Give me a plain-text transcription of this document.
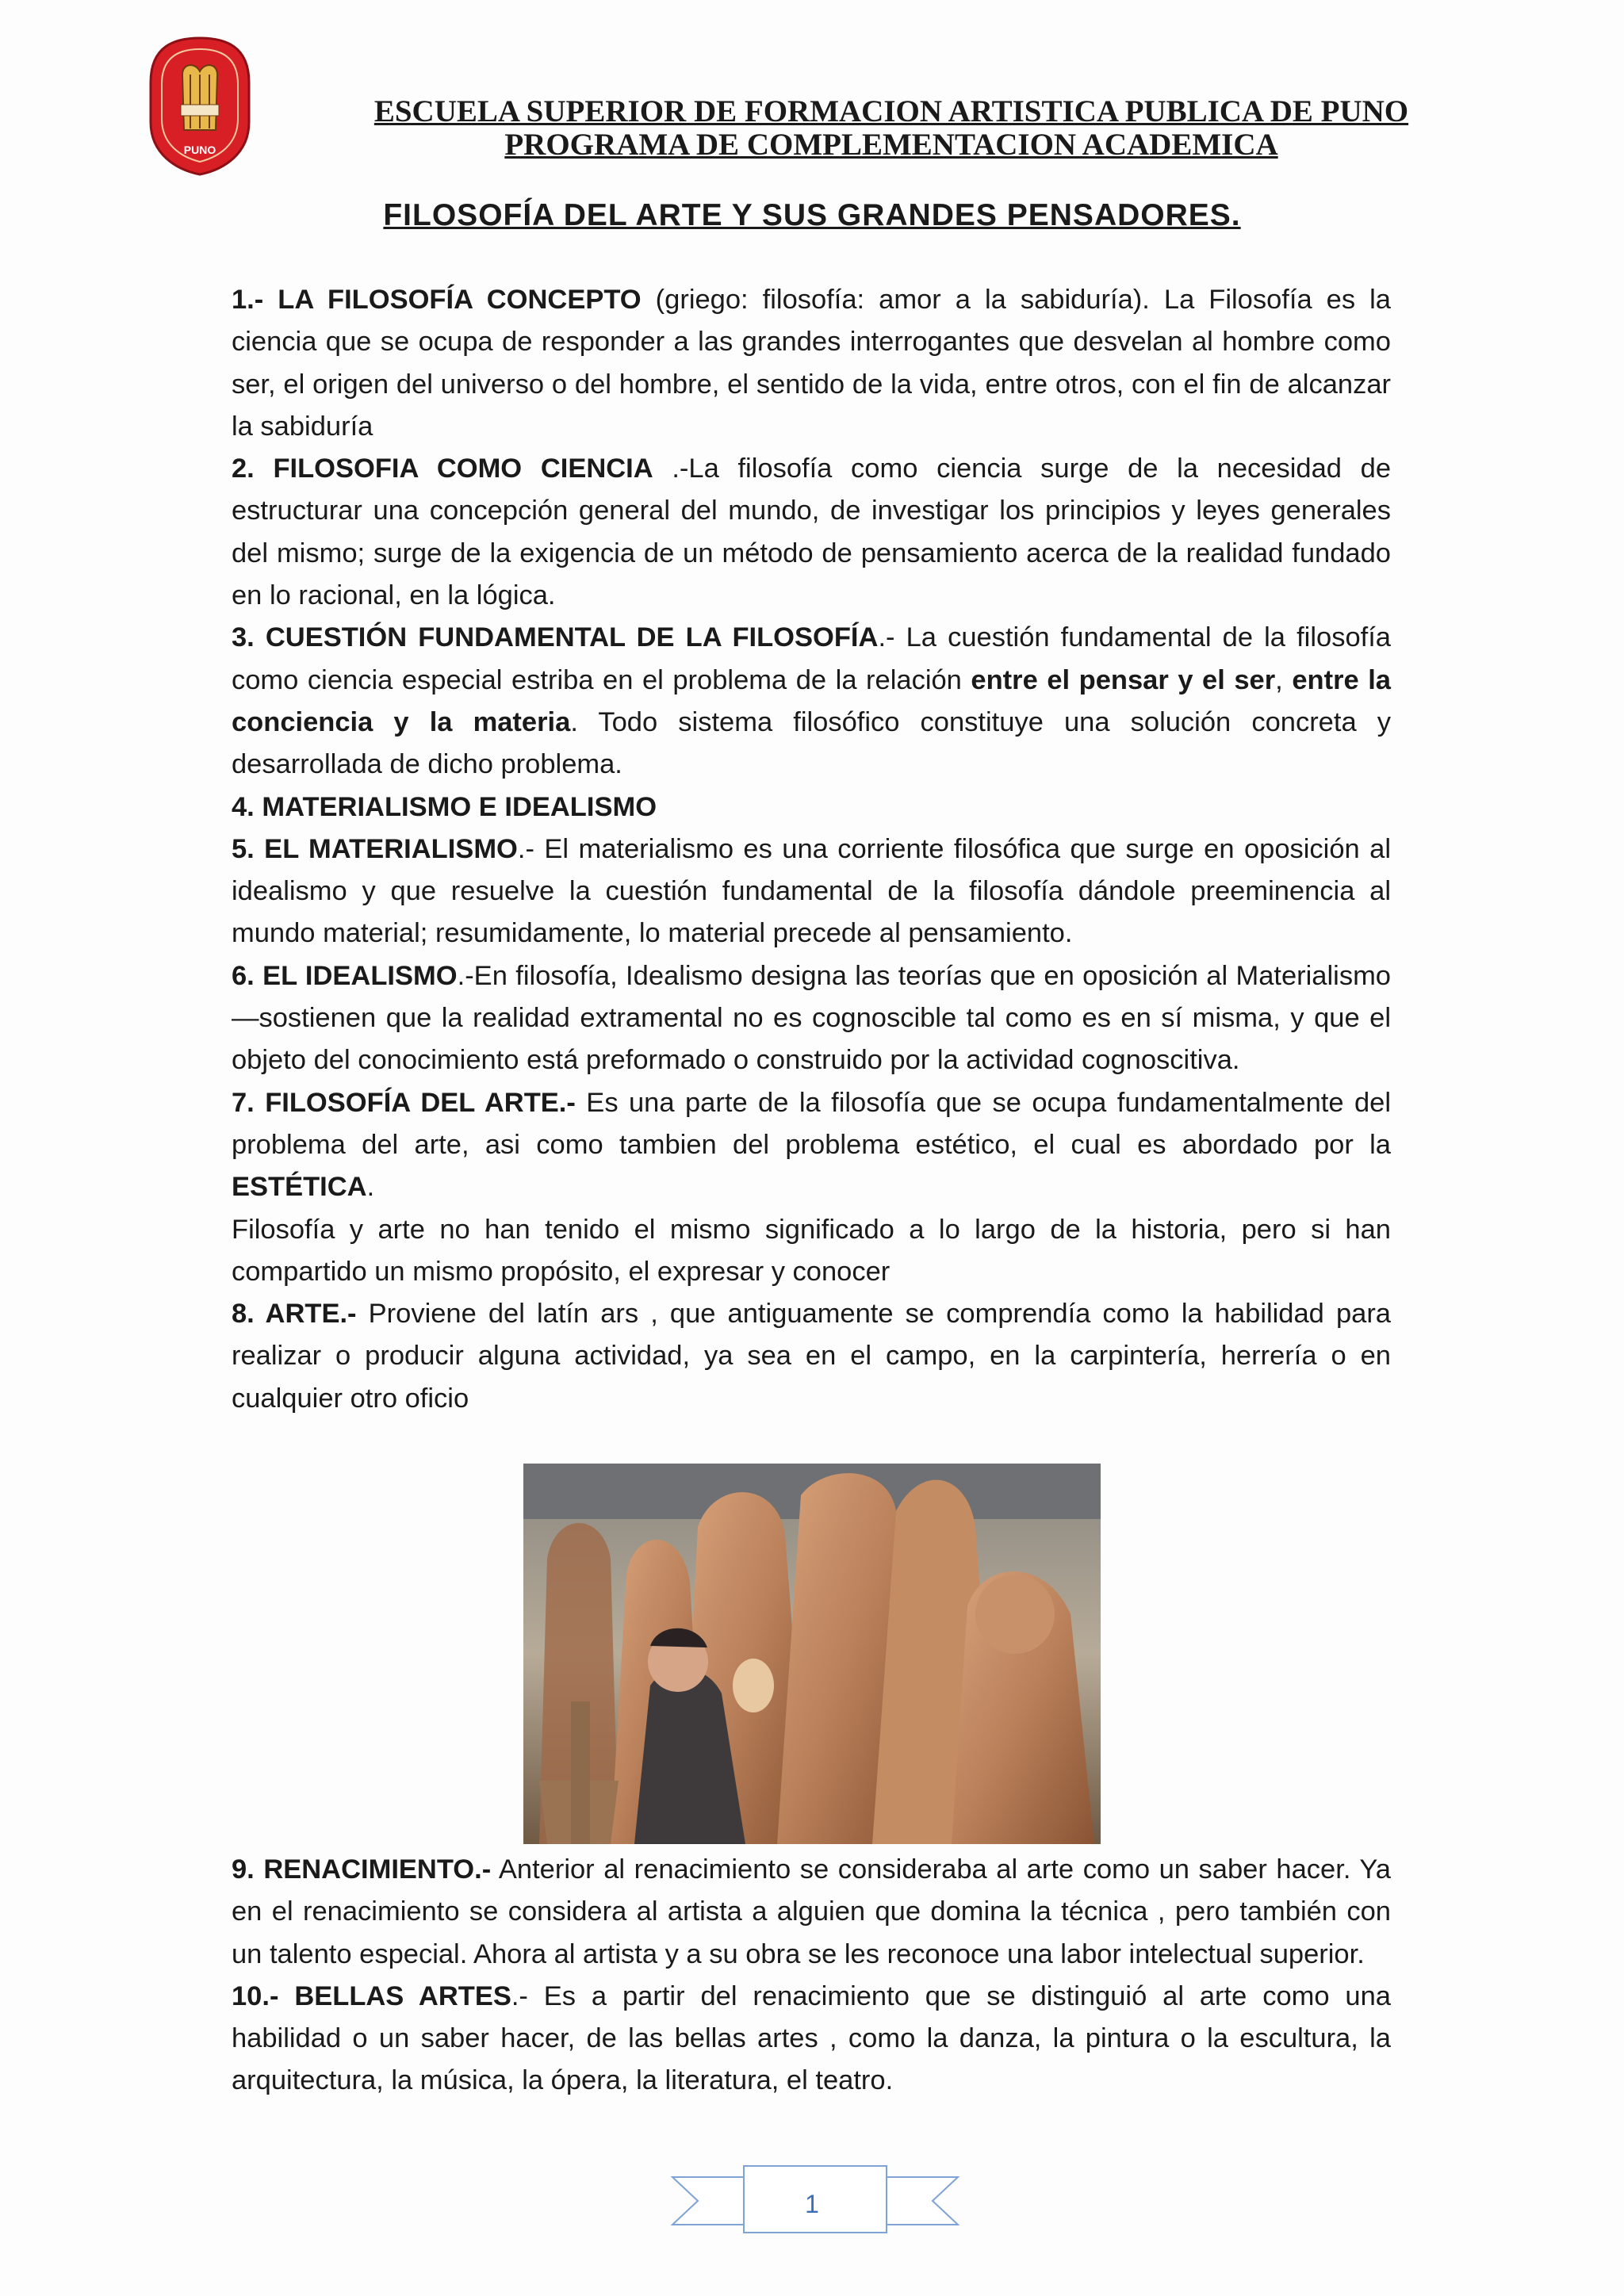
PUNO
ESCUELA SUPERIOR DE FORMACION ARTISTICA PUBLICA DE PUNO
PROGRAMA DE COMPLEMENTACION ACADEMICA
FILOSOFÍA DEL ARTE Y SUS GRANDES PENSADORES.

1.- LA FILOSOFÍA CONCEPTO (griego: filosofía: amor a la sabiduría). La Filosofía es la ciencia que se ocupa de responder a las grandes interrogantes que desvelan al hombre como ser, el origen del universo o del hombre, el sentido de la vida, entre otros, con el fin de alcanzar la sabiduría

2. FILOSOFIA COMO CIENCIA .-La filosofía como ciencia surge de la necesidad de estructurar una concepción general del mundo, de investigar los principios y leyes generales del mismo; surge de la exigencia de un método de pensamiento acerca de la realidad fundado en lo racional, en la lógica.

3. CUESTIÓN FUNDAMENTAL DE LA FILOSOFÍA.- La cuestión fundamental de la filosofía como ciencia especial estriba en el problema de la relación entre el pensar y el ser, entre la conciencia y la materia. Todo sistema filosófico constituye una solución concreta y desarrollada de dicho problema.

4. MATERIALISMO E IDEALISMO

5. EL MATERIALISMO.- El materialismo es una corriente filosófica que surge en oposición al idealismo y que resuelve la cuestión fundamental de la filosofía dándole preeminencia al mundo material; resumidamente, lo material precede al pensamiento.

6. EL IDEALISMO.-En filosofía, Idealismo designa las teorías que en oposición al Materialismo—sostienen que la realidad extramental no es cognoscible tal como es en sí misma, y que el objeto del conocimiento está preformado o construido por la actividad cognoscitiva.

7. FILOSOFÍA DEL ARTE.- Es una parte de la filosofía que se ocupa fundamentalmente del problema del arte, asi como tambien del problema estético, el cual es abordado por la ESTÉTICA.

Filosofía y arte no han tenido el mismo significado a lo largo de la historia, pero si han compartido un mismo propósito, el expresar y conocer

8. ARTE.- Proviene del latín ars , que antiguamente se comprendía como la habilidad para realizar o producir alguna actividad, ya sea en el campo, en la carpintería, herrería o en cualquier otro oficio

9. RENACIMIENTO.- Anterior al renacimiento se consideraba al arte como un saber hacer. Ya en el renacimiento se considera al artista a alguien que domina la técnica , pero también con un talento especial. Ahora al artista y a su obra se les reconoce una labor intelectual superior.

10.- BELLAS ARTES.- Es a partir del renacimiento que se distinguió al arte como una habilidad o un saber hacer, de las bellas artes , como la danza, la pintura o la escultura, la arquitectura, la música, la ópera, la literatura, el teatro.

1
